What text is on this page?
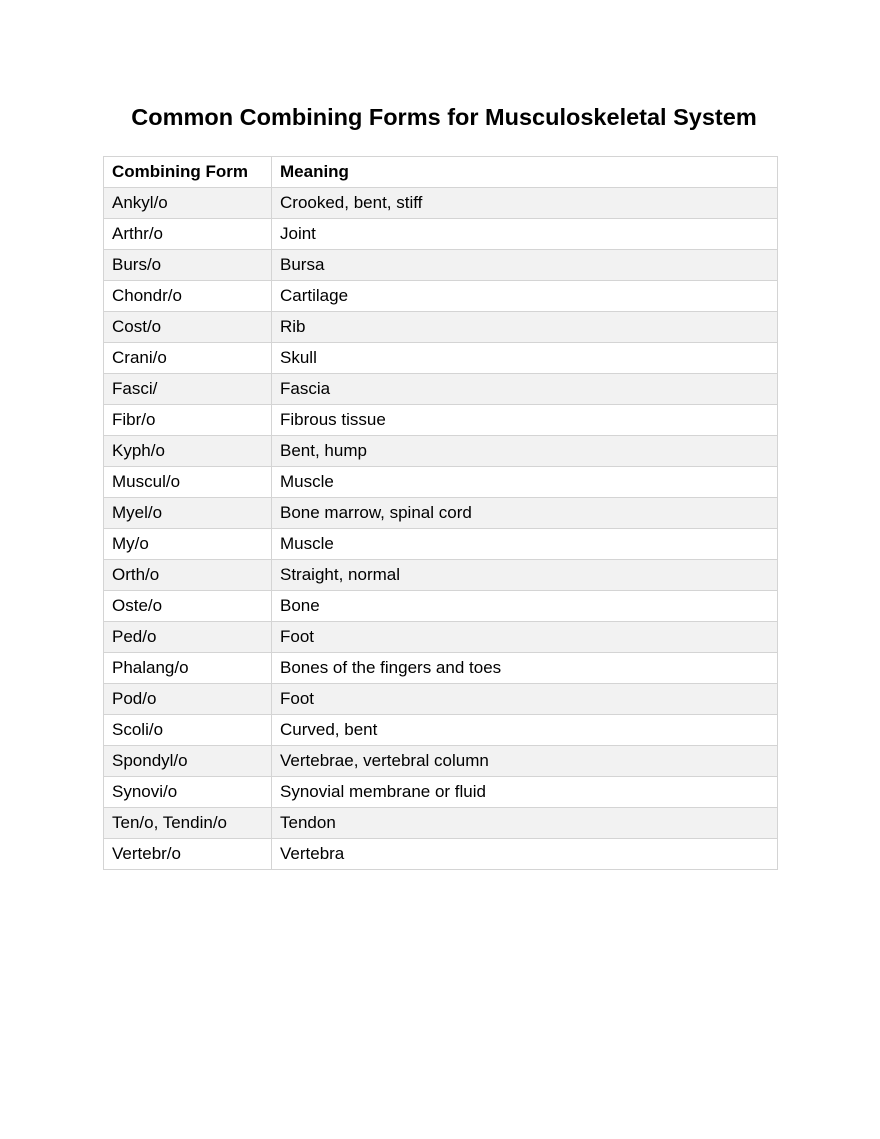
Common Combining Forms for Musculoskeletal System
Combining Form	Meaning
Ankyl/o	Crooked, bent, stiff
Arthr/o	Joint
Burs/o	Bursa
Chondr/o	Cartilage
Cost/o	Rib
Crani/o	Skull
Fasci/	Fascia
Fibr/o	Fibrous tissue
Kyph/o	Bent, hump
Muscul/o	Muscle
Myel/o	Bone marrow, spinal cord
My/o	Muscle
Orth/o	Straight, normal
Oste/o	Bone
Ped/o	Foot
Phalang/o	Bones of the fingers and toes
Pod/o	Foot
Scoli/o	Curved, bent
Spondyl/o	Vertebrae, vertebral column
Synovi/o	Synovial membrane or fluid
Ten/o, Tendin/o	Tendon
Vertebr/o	Vertebra
